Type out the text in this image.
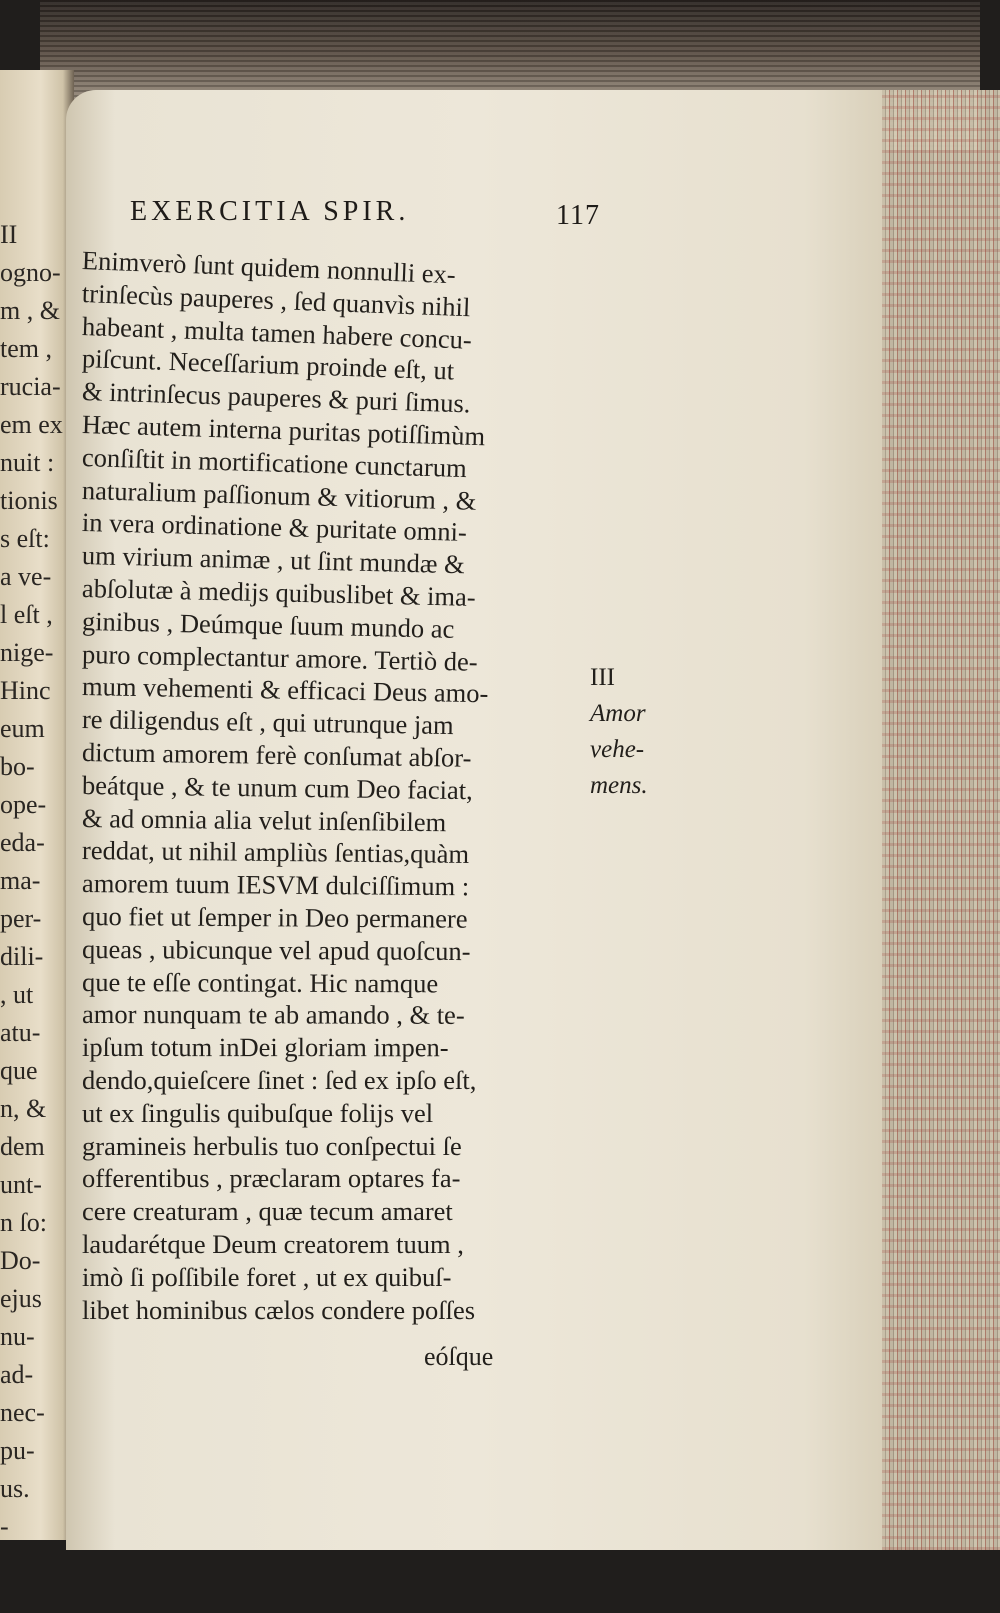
II
ogno-
m , &
tem ,
rucia-
em ex
nuit :
tionis
s eſt:
a ve-
l eſt ,
nige-
Hinc
eum
bo-
ope-
eda-
ma-
per-
dili-
, ut
atu-
que
n, &
dem
unt-
n ſo:
Do-
ejus
nu-
ad-
nec-
pu-
us.
-
EXERCITIA SPIR.	117
Enimverò ſunt quidem nonnulli ex-
trinſecùs pauperes , ſed quanvìs nihil
habeant , multa tamen habere concu-
piſcunt. Neceſſarium proinde eſt, ut
& intrinſecus pauperes & puri ſimus.
Hæc autem interna puritas potiſſimùm
conſiſtit in mortificatione cunctarum
naturalium paſſionum & vitiorum , &
in vera ordinatione & puritate omni-
um virium animæ , ut ſint mundæ &
abſolutæ à medijs quibuslibet & ima-
ginibus , Deúmque ſuum mundo ac
puro complectantur amore. Tertiò de-
mum vehementi & efficaci Deus amo-
re diligendus eſt , qui utrunque jam
dictum amorem ferè conſumat abſor-
beátque , & te unum cum Deo faciat,
& ad omnia alia velut inſenſibilem
reddat, ut nihil ampliùs ſentias,quàm
amorem tuum IESVM dulciſſimum :
quo fiet ut ſemper in Deo permanere
queas , ubicunque vel apud quoſcun-
que te eſſe contingat. Hic namque
amor nunquam te ab amando , & te-
ipſum totum inDei gloriam impen-
dendo,quieſcere ſinet : ſed ex ipſo eſt,
ut ex ſingulis quibuſque folijs vel
gramineis herbulis tuo conſpectui ſe
offerentibus , præclaram optares fa-
cere creaturam , quæ tecum amaret
laudarétque Deum creatorem tuum ,
imò ſi poſſibile foret , ut ex quibuſ-
libet hominibus cælos condere poſſes
III
Amor
vehe-
mens.
eóſque
